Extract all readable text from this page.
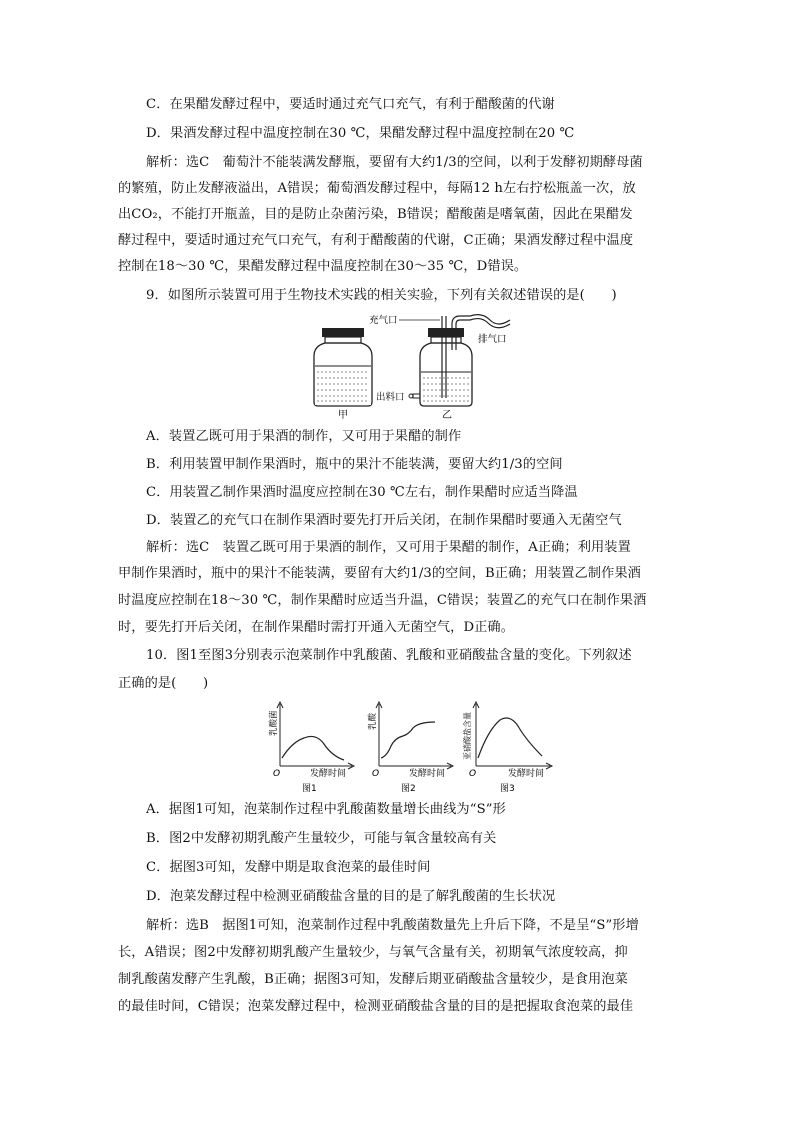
C．在果醋发酵过程中，要适时通过充气口充气，有利于醋酸菌的代谢
D．果酒发酵过程中温度控制在30 ℃，果醋发酵过程中温度控制在20 ℃
解析：选C　葡萄汁不能装满发酵瓶，要留有大约1/3的空间，以利于发酵初期酵母菌
的繁殖，防止发酵液溢出，A错误；葡萄酒发酵过程中，每隔12 h左右拧松瓶盖一次，放
出CO₂，不能打开瓶盖，目的是防止杂菌污染，B错误；醋酸菌是嗜氧菌，因此在果醋发
酵过程中，要适时通过充气口充气，有利于醋酸菌的代谢，C正确；果酒发酵过程中温度
控制在18～30 ℃，果醋发酵过程中温度控制在30～35 ℃，D错误。
9．如图所示装置可用于生物技术实践的相关实验，下列有关叙述错误的是(　　)
甲
充气口
排气口
出料口
乙
A．装置乙既可用于果酒的制作，又可用于果醋的制作
B．利用装置甲制作果酒时，瓶中的果汁不能装满，要留大约1/3的空间
C．用装置乙制作果酒时温度应控制在30 ℃左右，制作果醋时应适当降温
D．装置乙的充气口在制作果酒时要先打开后关闭，在制作果醋时要通入无菌空气
解析：选C　装置乙既可用于果酒的制作，又可用于果醋的制作，A正确；利用装置
甲制作果酒时，瓶中的果汁不能装满，要留有大约1/3的空间，B正确；用装置乙制作果酒
时温度应控制在18～30 ℃，制作果醋时应适当升温，C错误；装置乙的充气口在制作果酒
时，要先打开后关闭，在制作果醋时需打开通入无菌空气，D正确。
10．图1至图3分别表示泡菜制作中乳酸菌、乳酸和亚硝酸盐含量的变化。下列叙述
正确的是(　　)
乳酸菌
O	发酵时间
图1
乳酸
O	发酵时间
图2
亚硝酸盐含量
O	发酵时间
图3
A．据图1可知，泡菜制作过程中乳酸菌数量增长曲线为“S”形
B．图2中发酵初期乳酸产生量较少，可能与氧含量较高有关
C．据图3可知，发酵中期是取食泡菜的最佳时间
D．泡菜发酵过程中检测亚硝酸盐含量的目的是了解乳酸菌的生长状况
解析：选B　据图1可知，泡菜制作过程中乳酸菌数量先上升后下降，不是呈“S”形增
长，A错误；图2中发酵初期乳酸产生量较少，与氧气含量有关，初期氧气浓度较高，抑
制乳酸菌发酵产生乳酸，B正确；据图3可知，发酵后期亚硝酸盐含量较少，是食用泡菜
的最佳时间，C错误；泡菜发酵过程中，检测亚硝酸盐含量的目的是把握取食泡菜的最佳
